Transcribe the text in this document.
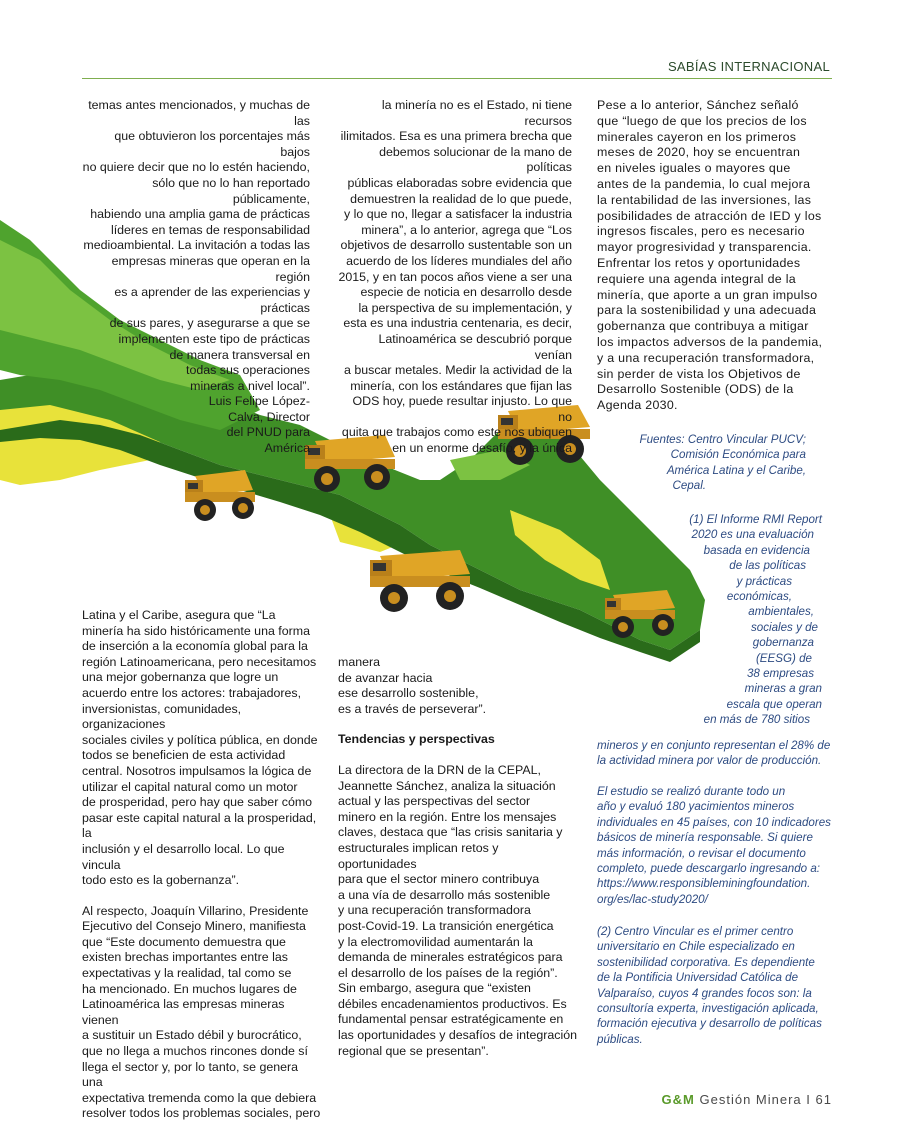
SABÍAS INTERNACIONAL

temas antes mencionados, y muchas de las

que obtuvieron los porcentajes más bajos

no quiere decir que no lo estén haciendo,

sólo que no lo han reportado públicamente,

habiendo una amplia gama de prácticas

líderes en temas de responsabilidad

medioambiental. La invitación a todas las

empresas mineras que operan en la región

es a aprender de las experiencias y prácticas

de sus pares, y asegurarse a que se

implementen este tipo de prácticas

de manera transversal en

todas sus operaciones

mineras a nivel local”.

Luis Felipe López-

Calva, Director

del PNUD para

América

la minería no es el Estado, ni tiene recursos

ilimitados. Esa es una primera brecha que

debemos solucionar de la mano de políticas

públicas elaboradas sobre evidencia que

demuestren la realidad de lo que puede,

y lo que no, llegar a satisfacer la industria

minera”, a lo anterior, agrega que “Los

objetivos de desarrollo sustentable son un

acuerdo de los líderes mundiales del año

2015, y en tan pocos años viene a ser una

especie de noticia en desarrollo desde

la perspectiva de su implementación, y

esta es una industria centenaria, es decir,

Latinoamérica se descubrió porque venían

a buscar metales. Medir la actividad de la

minería, con los estándares que fijan las

ODS hoy, puede resultar injusto. Lo que no

quita que trabajos como este nos ubiquen

en un enorme desafío, y la única

Pese a lo anterior, Sánchez señaló

que “luego de que los precios de los

minerales cayeron en los primeros

meses de 2020, hoy se encuentran

en niveles iguales o mayores que

antes de la pandemia, lo cual mejora

la rentabilidad de las inversiones, las

posibilidades de atracción de IED y los

ingresos fiscales, pero es necesario

mayor progresividad y transparencia.

Enfrentar los retos y oportunidades

requiere una agenda integral de la

minería, que aporte a un gran impulso

para la sostenibilidad y una adecuada

gobernanza que contribuya a mitigar

los impactos adversos de la pandemia,

y a una recuperación transformadora,

sin perder de vista los Objetivos de

Desarrollo Sostenible (ODS) de la

Agenda 2030.

Fuentes: Centro Vincular PUCV;
Comisión Económica para
América Latina y el Caribe,
Cepal.
(1) El Informe RMI Report
2020 es una evaluación
basada en evidencia
de las políticas
y prácticas
económicas,
ambientales,
sociales y de
gobernanza
(EESG) de
38 empresas
mineras a gran
escala que operan
en más de 780 sitios
mineros y en conjunto representan el 28% de
la actividad minera por valor de producción.
El estudio se realizó durante todo un
año y evaluó 180 yacimientos mineros
individuales en 45 países, con 10 indicadores
básicos de minería responsable. Si quiere
más información, o revisar el documento
completo, puede descargarlo ingresando a:
https://www.responsibleminingfoundation.
org/es/lac-study2020/
(2) Centro Vincular es el primer centro
universitario en Chile especializado en
sostenibilidad corporativa. Es dependiente
de la Pontificia Universidad Católica de
Valparaíso, cuyos 4 grandes focos son: la
consultoría experta, investigación aplicada,
formación ejecutiva y desarrollo de políticas
públicas.

Latina y el Caribe, asegura que “La

minería ha sido históricamente una forma

de inserción a la economía global para la

región Latinoamericana, pero necesitamos

una mejor gobernanza que logre un

acuerdo entre los actores: trabajadores,

inversionistas, comunidades, organizaciones

sociales civiles y política pública, en donde

todos se beneficien de esta actividad

central. Nosotros impulsamos la lógica de

utilizar el capital natural como un motor

de prosperidad, pero hay que saber cómo

pasar este capital natural a la prosperidad, la

inclusión y el desarrollo local. Lo que vincula

todo esto es la gobernanza”.

Al respecto, Joaquín Villarino, Presidente

Ejecutivo del Consejo Minero, manifiesta

que “Este documento demuestra que

existen brechas importantes entre las

expectativas y la realidad, tal como se

ha mencionado. En muchos lugares de

Latinoamérica las empresas mineras vienen

a sustituir un Estado débil y burocrático,

que no llega a muchos rincones donde sí

llega el sector y, por lo tanto, se genera una

expectativa tremenda como la que debiera

resolver todos los problemas sociales, pero

manera

de avanzar hacia

ese desarrollo sostenible,

es a través de perseverar”.

Tendencias y perspectivas

La directora de la DRN de la CEPAL,

Jeannette Sánchez, analiza la situación

actual y las perspectivas del sector

minero en la región. Entre los mensajes

claves, destaca que “las crisis sanitaria y

estructurales implican retos y oportunidades

para que el sector minero contribuya

a una vía de desarrollo más sostenible

y una recuperación transformadora

post-Covid-19. La transición energética

y la electromovilidad aumentarán la

demanda de minerales estratégicos para

el desarrollo de los países de la región”.

Sin embargo, asegura que “existen

débiles encadenamientos productivos. Es

fundamental pensar estratégicamente en

las oportunidades y desafíos de integración

regional que se presentan”.

G&M Gestión Minera I 61
